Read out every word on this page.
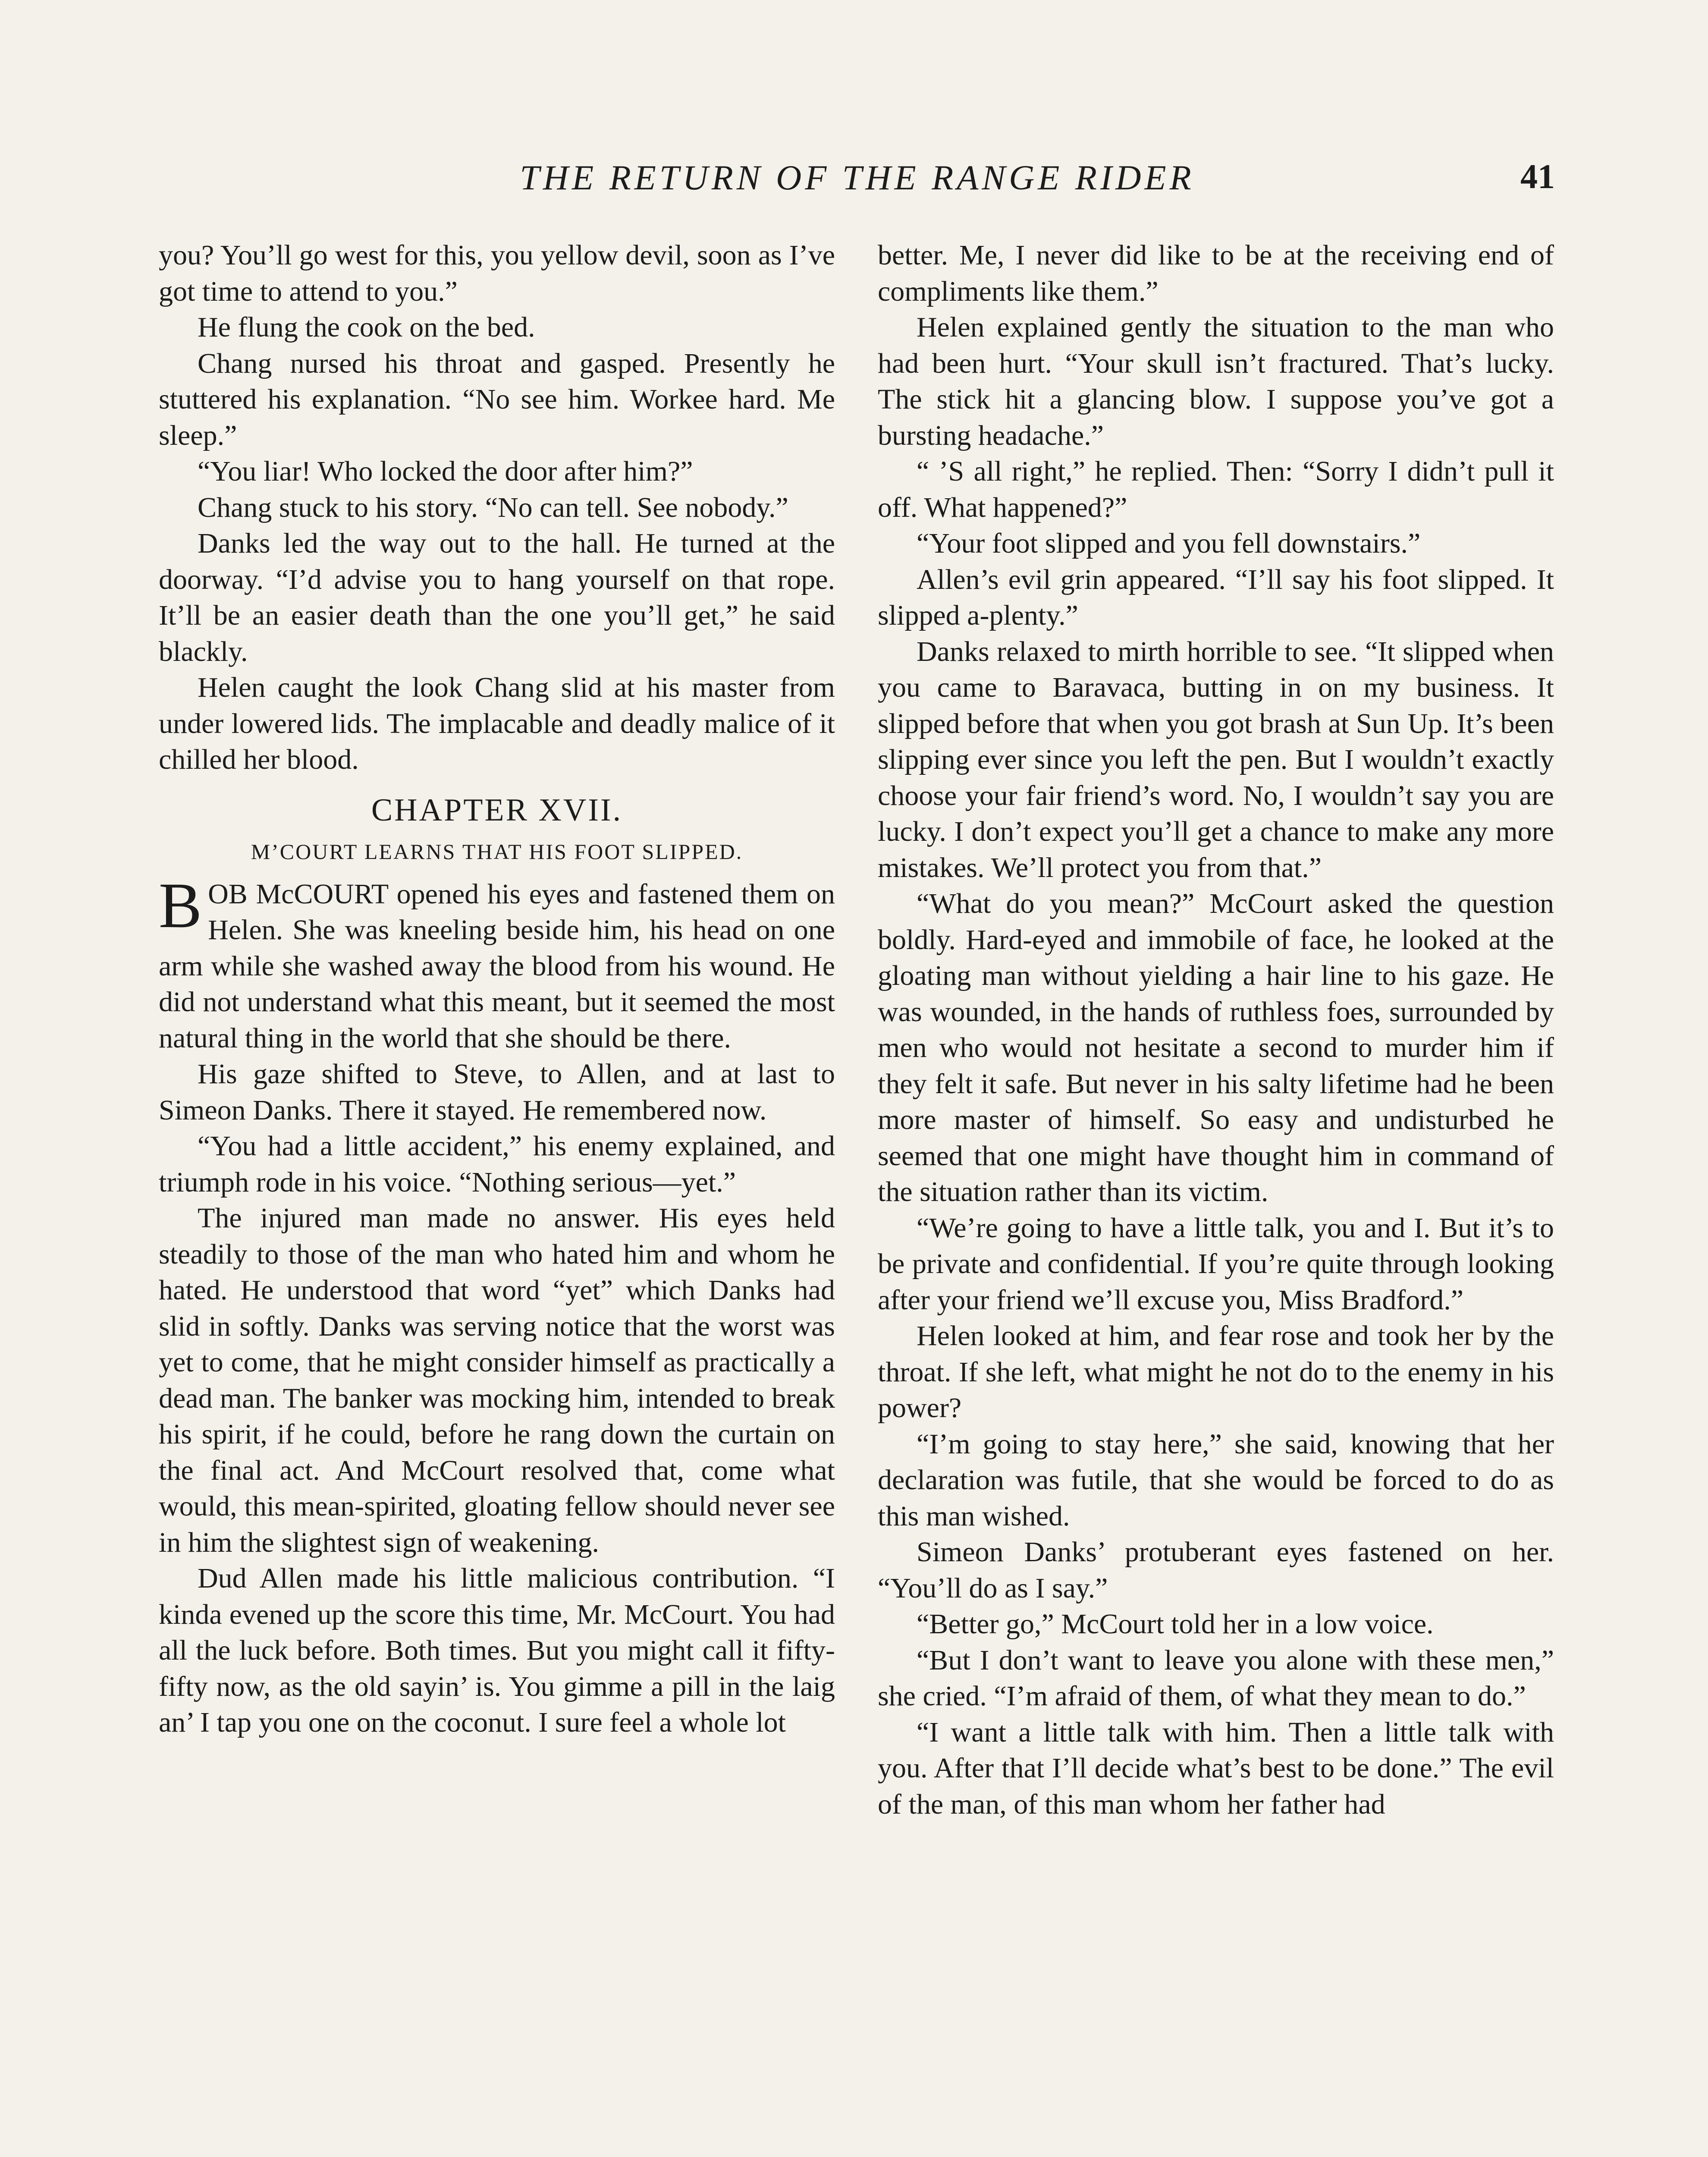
THE RETURN OF THE RANGE RIDER	41

you? You’ll go west for this, you yellow devil, soon as I’ve got time to attend to you.”

He flung the cook on the bed.

Chang nursed his throat and gasped. Presently he stuttered his explanation. “No see him. Workee hard. Me sleep.”

“You liar! Who locked the door after him?”

Chang stuck to his story. “No can tell. See nobody.”

Danks led the way out to the hall. He turned at the doorway. “I’d advise you to hang yourself on that rope. It’ll be an easier death than the one you’ll get,” he said blackly.

Helen caught the look Chang slid at his master from under lowered lids. The implacable and deadly malice of it chilled her blood.

CHAPTER XVII.
M’COURT LEARNS THAT HIS FOOT SLIPPED.

BOB McCOURT opened his eyes and fastened them on Helen. She was kneeling beside him, his head on one arm while she washed away the blood from his wound. He did not understand what this meant, but it seemed the most natural thing in the world that she should be there.

His gaze shifted to Steve, to Allen, and at last to Simeon Danks. There it stayed. He remembered now.

“You had a little accident,” his enemy explained, and triumph rode in his voice. “Nothing serious—yet.”

The injured man made no answer. His eyes held steadily to those of the man who hated him and whom he hated. He understood that word “yet” which Danks had slid in softly. Danks was serving notice that the worst was yet to come, that he might consider himself as practically a dead man. The banker was mocking him, intended to break his spirit, if he could, before he rang down the curtain on the final act. And McCourt resolved that, come what would, this mean-spirited, gloating fellow should never see in him the slightest sign of weakening.

Dud Allen made his little malicious contribution. “I kinda evened up the score this time, Mr. McCourt. You had all the luck before. Both times. But you might call it fifty-fifty now, as the old sayin’ is. You gimme a pill in the laig an’ I tap you one on the coconut. I sure feel a whole lot

better. Me, I never did like to be at the receiving end of compliments like them.”

Helen explained gently the situation to the man who had been hurt. “Your skull isn’t fractured. That’s lucky. The stick hit a glancing blow. I suppose you’ve got a bursting headache.”

“ ’S all right,” he replied. Then: “Sorry I didn’t pull it off. What happened?”

“Your foot slipped and you fell downstairs.”

Allen’s evil grin appeared. “I’ll say his foot slipped. It slipped a-plenty.”

Danks relaxed to mirth horrible to see. “It slipped when you came to Baravaca, butting in on my business. It slipped before that when you got brash at Sun Up. It’s been slipping ever since you left the pen. But I wouldn’t exactly choose your fair friend’s word. No, I wouldn’t say you are lucky. I don’t expect you’ll get a chance to make any more mistakes. We’ll protect you from that.”

“What do you mean?” McCourt asked the question boldly. Hard-eyed and immobile of face, he looked at the gloating man without yielding a hair line to his gaze. He was wounded, in the hands of ruthless foes, surrounded by men who would not hesitate a second to murder him if they felt it safe. But never in his salty lifetime had he been more master of himself. So easy and undisturbed he seemed that one might have thought him in command of the situation rather than its victim.

“We’re going to have a little talk, you and I. But it’s to be private and confidential. If you’re quite through looking after your friend we’ll excuse you, Miss Bradford.”

Helen looked at him, and fear rose and took her by the throat. If she left, what might he not do to the enemy in his power?

“I’m going to stay here,” she said, knowing that her declaration was futile, that she would be forced to do as this man wished.

Simeon Danks’ protuberant eyes fastened on her. “You’ll do as I say.”

“Better go,” McCourt told her in a low voice.

“But I don’t want to leave you alone with these men,” she cried. “I’m afraid of them, of what they mean to do.”

“I want a little talk with him. Then a little talk with you. After that I’ll decide what’s best to be done.” The evil of the man, of this man whom her father had
